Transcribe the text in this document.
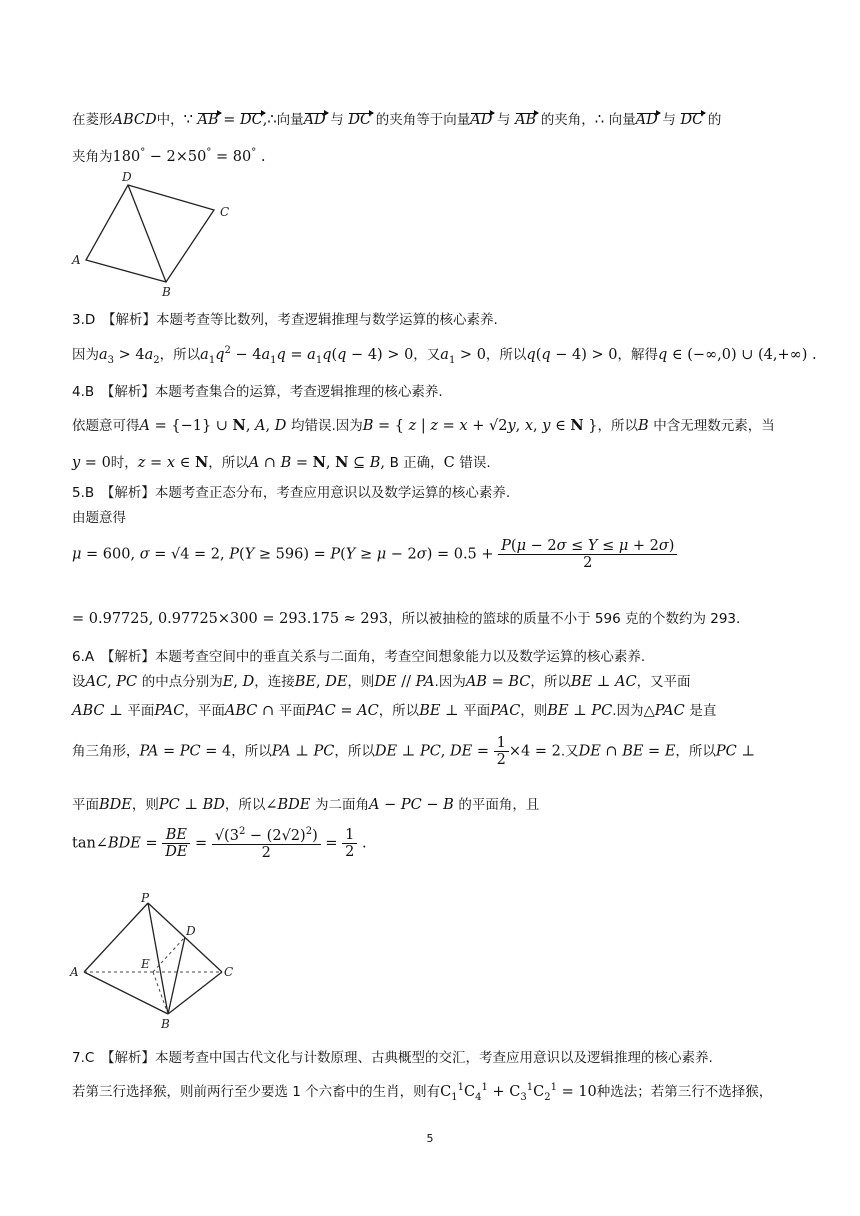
在菱形ABCD中，∵ AB = DC,∴向量AD 与 DC 的夹角等于向量AD 与 AB 的夹角，∴ 向量AD 与 DC 的
夹角为180° − 2×50° = 80° .
D
C
A
B
3.D　【解析】本题考查等比数列，考查逻辑推理与数学运算的核心素养.
因为$a_3 > 4a_2$，所以$a_1q^2 - 4a_1q = a_1q(q - 4) > 0$，又$a_1 > 0$，所以q(q − 4) > 0，解得q ∈ (−∞,0) ∪ (4,+∞) .
4.B　【解析】本题考查集合的运算，考查逻辑推理的核心素养.
依题意可得A = {−1} ∪ N, A, D 均错误.因为B = { z | z = x + √2y, x, y ∈ N }，所以B 中含无理数元素，当
y = 0时，z = x ∈ N，所以A ∩ B = N, N ⊆ B, B 正确，C 错误.
5.B　【解析】本题考查正态分布，考查应用意识以及数学运算的核心素养.
由题意得
μ = 600, σ = √4 = 2, $P(Y \ge 596) = P(Y \ge \mu - 2\sigma) = 0.5 + \frac{P(\mu - 2\sigma \le Y \le \mu + 2\sigma)}{2}$
= 0.97725, 0.97725×300 = 293.175 ≈ 293，所以被抽检的篮球的质量不小于 596 克的个数约为 293.
6.A　【解析】本题考查空间中的垂直关系与二面角，考查空间想象能力以及数学运算的核心素养.
设AC, PC 的中点分别为E, D，连接BE, DE，则DE // PA.因为AB = BC，所以BE ⊥ AC，又平面
ABC ⊥ 平面PAC，平面ABC ∩ 平面PAC = AC，所以BE ⊥ 平面PAC，则BE ⊥ PC.因为△PAC 是直
角三角形，PA = PC = 4，所以PA ⊥ PC，所以DE ⊥ PC, DE = $\frac{1}{2} \times 4 = 2$.又DE ∩ BE = E，所以PC ⊥
平面BDE，则PC ⊥ BD，所以∠BDE 为二面角A − PC − B 的平面角，且
tan∠BDE = $\frac{BE}{DE} = \frac{√(3^2 - (2√2)^2)}{2} = \frac{1}{2}$ .
P
D
A
E
C
B
7.C　【解析】本题考查中国古代文化与计数原理、古典概型的交汇，考查应用意识以及逻辑推理的核心素养.
若第三行选择猴，则前两行至少要选 1 个六畜中的生肖，则有$C_1^1C_4^1 + C_3^1C_2^1 = 10$种选法；若第三行不选择猴，
5
